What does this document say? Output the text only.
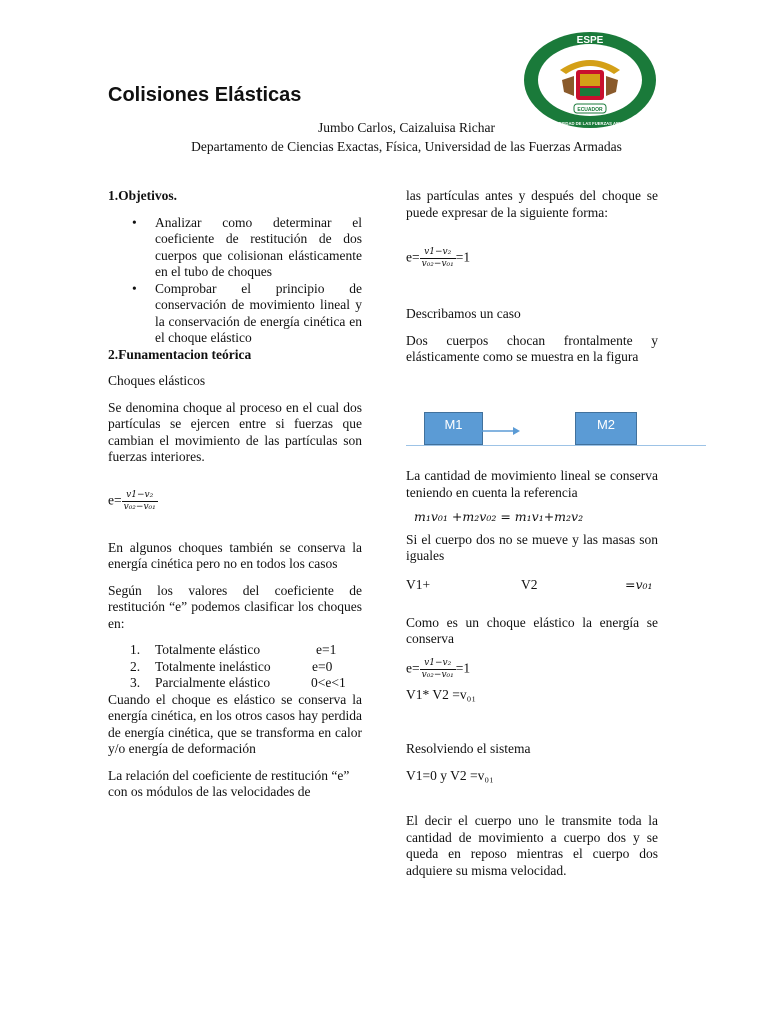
Colisiones Elásticas
Jumbo Carlos, Caizaluisa Richar
Departamento de Ciencias Exactas, Física, Universidad de las Fuerzas Armadas
ESPE
ECUADOR
UNIVERSIDAD DE LAS FUERZAS ARMADAS
1.Objetivos.
• Analizar como determinar el coeficiente de restitución de dos cuerpos que colisionan elásticamente en el tubo de choques
• Comprobar el principio de conservación de movimiento lineal y la conservación de energía cinética en el choque elástico
2.Funamentacion teórica
Choques elásticos
Se denomina choque al proceso en el cual dos partículas se ejercen entre si fuerzas que cambian el movimiento de las partículas son fuerzas interiores.
$e= \frac{\text{v1−v₂}}{\text{v₀₂−v₀₁}}$
En algunos choques también se conserva la energía cinética pero no en todos los casos
Según los valores del coeficiente de restitución “e” podemos clasificar los choques en:
1. Totalmente elástico	e=1
2. Totalmente inelástico	e=0
3. Parcialmente elástico	0<e<1
Cuando el choque es elástico se conserva la energía cinética, en los otros casos hay perdida de energía cinética, que se transforma en calor y/o energía de deformación
La relación del coeficiente de restitución “e”
con os módulos de las velocidades de
las partículas antes y después del choque se puede expresar de la siguiente forma:
$e= \frac{\text{v1−v₂}}{\text{v₀₂−v₀₁}} =1$
Describamos un caso
Dos cuerpos chocan frontalmente y elásticamente como se muestra en la figura
M1	M2
La cantidad de movimiento lineal se conserva teniendo en cuenta la referencia
m₁v₀₁ +m₂v₀₂ = m₁v₁+m₂v₂
Si el cuerpo dos no se mueve y las masas son iguales
V1+	V2	=v₀₁
Como es un choque elástico la energía se conserva
$e= \frac{\text{v1−v₂}}{\text{v₀₂−v₀₁}} =1$
V1* V2 =v₀₁
Resolviendo el sistema
V1=0 y V2 =v₀₁
El decir el cuerpo uno le transmite toda la cantidad de movimiento a cuerpo dos y se queda en reposo mientras el cuerpo dos adquiere su misma velocidad.
